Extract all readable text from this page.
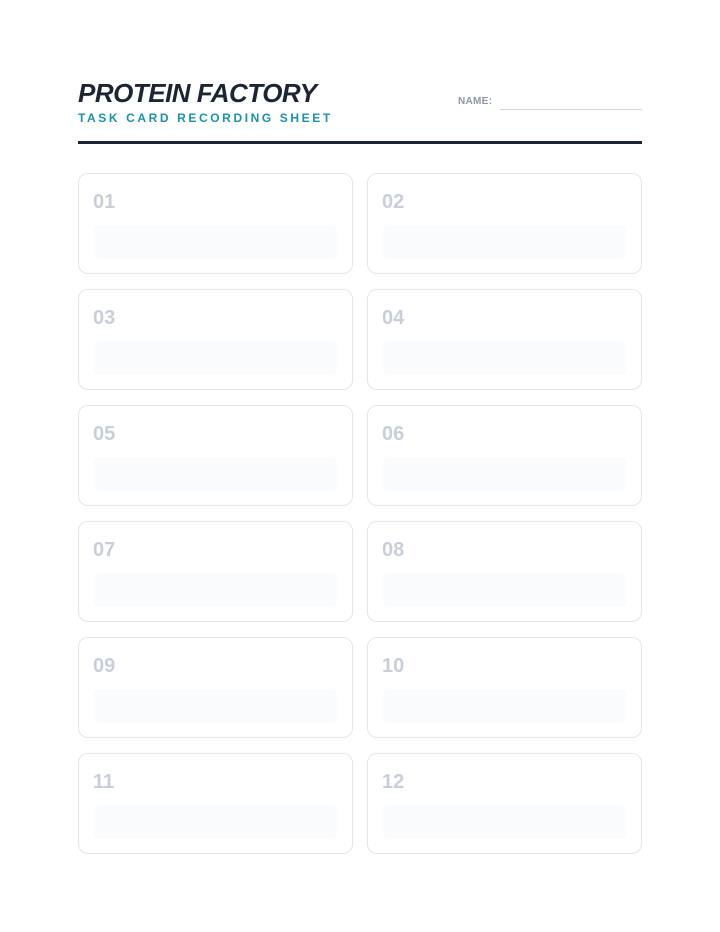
PROTEIN FACTORY
TASK CARD RECORDING SHEET
NAME:
01	02
03	04
05	06
07	08
09	10
11	12
